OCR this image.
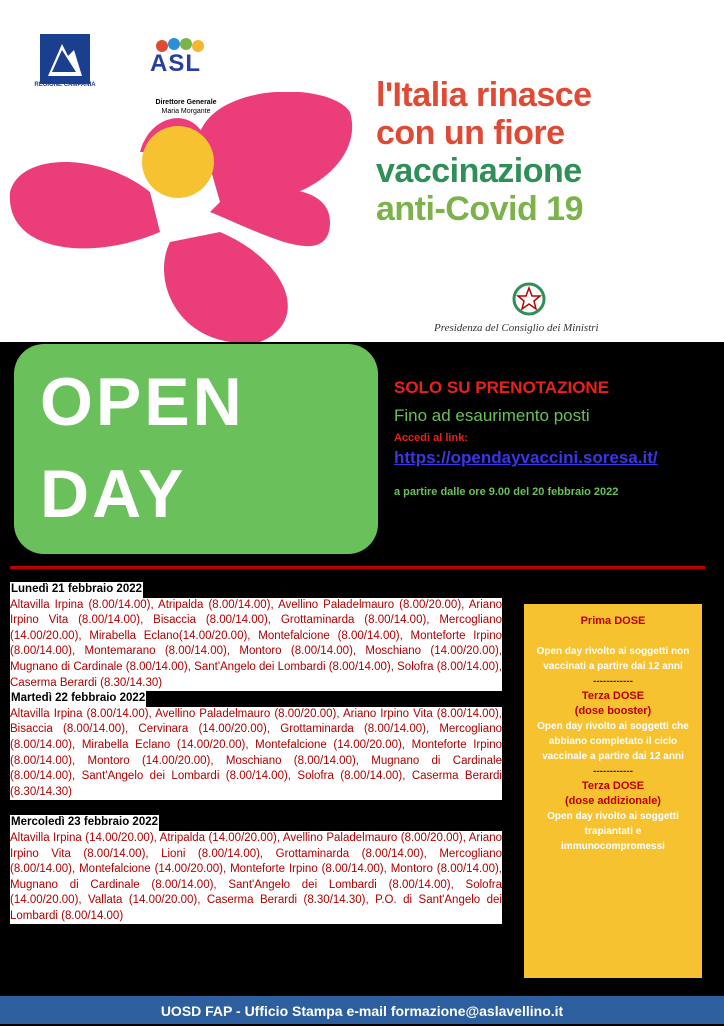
REGIONE CAMPANIA
ASL
Direttore Generale
Maria Morgante	l'Italia rinasce
con un fiore
vaccinazione
anti-Covid 19
Presidenza del Consiglio dei Ministri
OPEN
DAY
SOLO SU PRENOTAZIONE
Fino ad esaurimento posti
Accedi al link:
https://opendayvaccini.soresa.it/
a partire dalle ore 9.00 del 20 febbraio 2022
Lunedì 21 febbraio 2022
Altavilla Irpina (8.00/14.00), Atripalda (8.00/14.00), Avellino Paladelmauro (8.00/20.00), Ariano Irpino Vita (8.00/14.00), Bisaccia (8.00/14.00), Grottaminarda (8.00/14.00), Mercogliano (14.00/20.00), Mirabella Eclano(14.00/20.00), Montefalcione (8.00/14.00), Monteforte Irpino (8.00/14.00), Montemarano (8.00/14.00), Montoro (8.00/14.00), Moschiano (14.00/20.00), Mugnano di Cardinale (8.00/14.00), Sant'Angelo dei Lombardi (8.00/14.00), Solofra (8.00/14.00), Caserma Berardi (8.30/14.30)
Martedì 22 febbraio 2022
Altavilla Irpina (8.00/14.00), Avellino Paladelmauro (8.00/20.00), Ariano Irpino Vita (8.00/14.00), Bisaccia (8.00/14.00), Cervinara (14.00/20.00), Grottaminarda (8.00/14.00), Mercogliano (8.00/14.00), Mirabella Eclano (14.00/20.00), Montefalcione (14.00/20.00), Monteforte Irpino (8.00/14.00), Montoro (14.00/20.00), Moschiano (8.00/14.00), Mugnano di Cardinale (8.00/14.00), Sant'Angelo dei Lombardi (8.00/14.00), Solofra (8.00/14.00), Caserma Berardi (8.30/14.30)
Mercoledì 23 febbraio 2022
Altavilla Irpina (14.00/20.00), Atripalda (14.00/20.00), Avellino Paladelmauro (8.00/20.00), Ariano Irpino Vita (8.00/14.00), Lioni (8.00/14.00), Grottaminarda (8.00/14.00), Mercogliano (8.00/14.00), Montefalcione (14.00/20.00), Monteforte Irpino (8.00/14.00), Montoro (8.00/14.00), Mugnano di Cardinale (8.00/14.00), Sant'Angelo dei Lombardi (8.00/14.00), Solofra (14.00/20.00), Vallata (14.00/20.00), Caserma Berardi (8.30/14.30), P.O. di Sant'Angelo dei Lombardi (8.00/14.00)
Prima DOSE
Open day rivolto ai soggetti non vaccinati a partire dai 12 anni
------------
Terza DOSE
(dose booster)
Open day rivolto ai soggetti che abbiano completato il ciclo vaccinale a partire dai 12 anni
------------
Terza DOSE
(dose addizionale)
Open day rivolto ai soggetti trapiantati e immunocompromessi
UOSD FAP - Ufficio Stampa e-mail formazione@aslavellino.it
